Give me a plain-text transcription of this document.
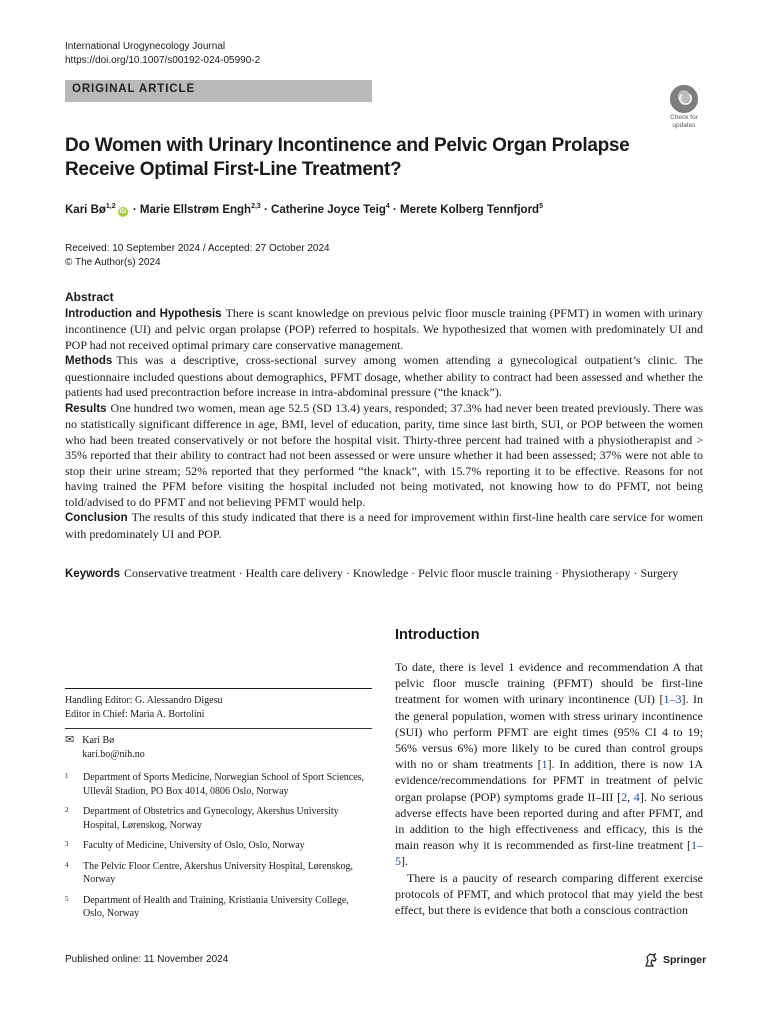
International Urogynecology Journal
https://doi.org/10.1007/s00192-024-05990-2
ORIGINAL ARTICLE
Check for
updates
Do Women with Urinary Incontinence and Pelvic Organ Prolapse Receive Optimal First-Line Treatment?
Kari Bø$^{1,2}$iD · Marie Ellstrøm Engh$^{2,3}$ · Catherine Joyce Teig$^4$ · Merete Kolberg Tennfjord$^5$
Received: 10 September 2024 / Accepted: 27 October 2024
© The Author(s) 2024
Abstract

Introduction and Hypothesis There is scant knowledge on previous pelvic floor muscle training (PFMT) in women with urinary incontinence (UI) and pelvic organ prolapse (POP) referred to hospitals. We hypothesized that women with predominately UI and POP had not received optimal primary care conservative management.

Methods This was a descriptive, cross-sectional survey among women attending a gynecological outpatient’s clinic. The questionnaire included questions about demographics, PFMT dosage, whether ability to contract had been assessed and whether the patients had used precontraction before increase in intra-abdominal pressure (“the knack”).

Results One hundred two women, mean age 52.5 (SD 13.4) years, responded; 37.3% had never been treated previously. There was no statistically significant difference in age, BMI, level of education, parity, time since last birth, SUI, or POP between the women who had been treated conservatively or not before the hospital visit. Thirty-three percent had trained with a physiotherapist and > 35% reported that their ability to contract had not been assessed or were unsure whether it had been assessed; 37% were not able to stop their urine stream; 52% reported that they performed “the knack”, with 15.7% reporting it to be effective. Reasons for not having trained the PFM before visiting the hospital included not being motivated, not knowing how to do PFMT, not being told/advised to do PFMT and not believing PFMT would help.

Conclusion The results of this study indicated that there is a need for improvement within first-line health care service for women with predominately UI and POP.

Keywords Conservative treatment · Health care delivery · Knowledge · Pelvic floor muscle training · Physiotherapy · Surgery
Handling Editor: G. Alessandro Digesu
Editor in Chief: Maria A. Bortolini
✉ Kari Bø
kari.bo@nih.no
1	Department of Sports Medicine, Norwegian School of Sport Sciences, Ullevål Stadion, PO Box 4014, 0806 Oslo, Norway
2	Department of Obstetrics and Gynecology, Akershus University Hospital, Lørenskog, Norway
3	Faculty of Medicine, University of Oslo, Oslo, Norway
4	The Pelvic Floor Centre, Akershus University Hospital, Lørenskog, Norway
5	Department of Health and Training, Kristiania University College, Oslo, Norway
Introduction

To date, there is level 1 evidence and recommendation A that pelvic floor muscle training (PFMT) should be first-line treatment for women with urinary incontinence (UI) [1–3]. In the general population, women with stress urinary incontinence (SUI) who perform PFMT are eight times (95% CI 4 to 19; 56% versus 6%) more likely to be cured than control groups with no or sham treatments [1]. In addition, there is now 1A evidence/recommendations for PFMT in treatment of pelvic organ prolapse (POP) symptoms grade II–III [2, 4]. No serious adverse effects have been reported during and after PFMT, and in addition to the high effectiveness and efficacy, this is the main reason why it is recommended as first-line treatment [1–5].

There is a paucity of research comparing different exercise protocols of PFMT, and which protocol that may yield the best effect, but there is evidence that both a conscious contraction

Published online: 11 November 2024	Springer
